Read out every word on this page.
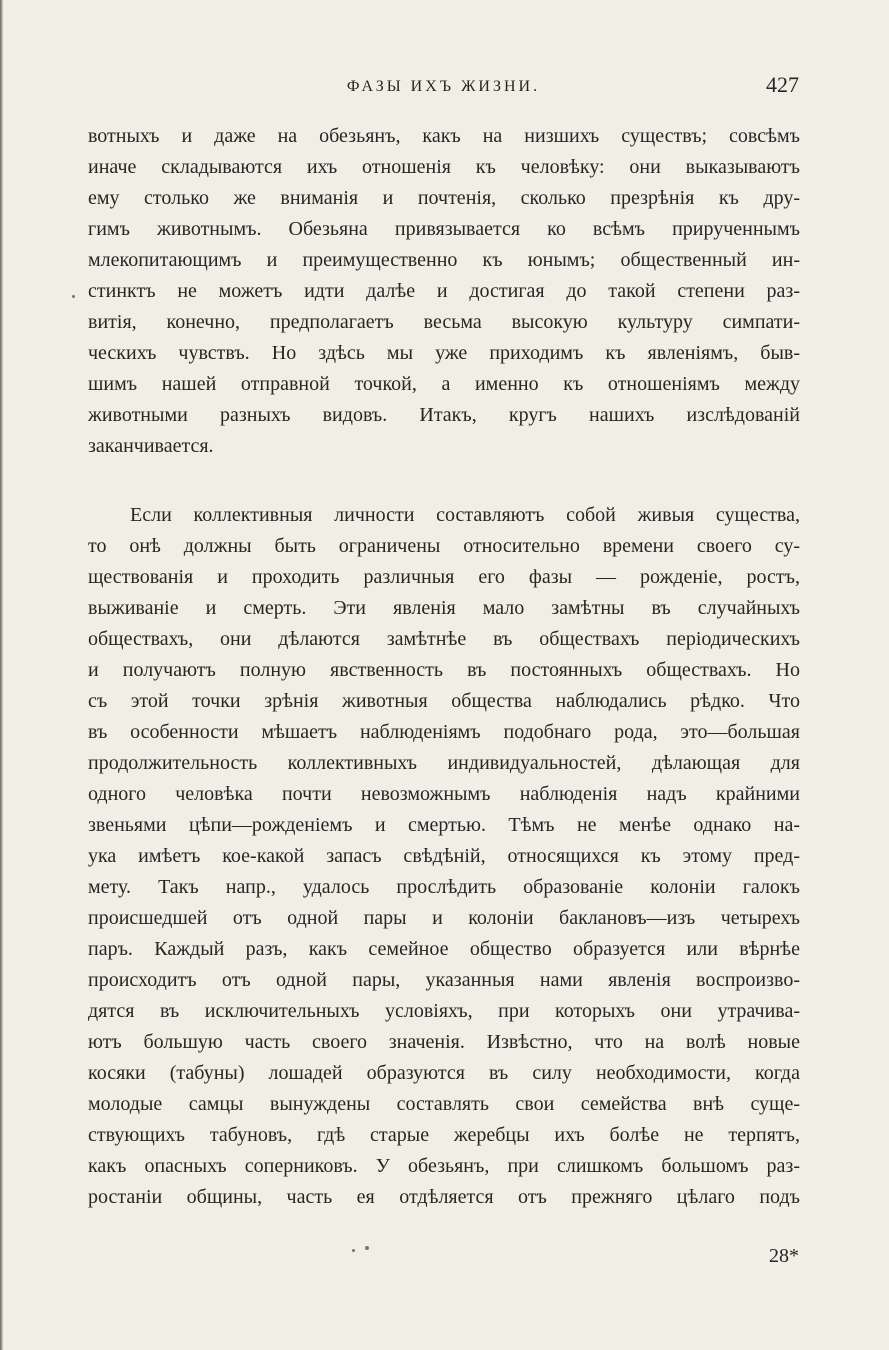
ФАЗЫ ИХЪ ЖИЗНИ.	427
вотныхъ и даже на обезьянъ, какъ на низшихъ существъ; совсѣмъ
иначе складываются ихъ отношенія къ человѣку: они выказываютъ
ему столько же вниманія и почтенія, сколько презрѣнія къ дру-
гимъ животнымъ. Обезьяна привязывается ко всѣмъ прирученнымъ
млекопитающимъ и преимущественно къ юнымъ; общественный ин-
стинктъ не можетъ идти далѣе и достигая до такой степени раз-
витія, конечно, предполагаетъ весьма высокую культуру симпати-
ческихъ чувствъ. Но здѣсь мы уже приходимъ къ явленіямъ, быв-
шимъ нашей отправной точкой, а именно къ отношеніямъ между
животными разныхъ видовъ. Итакъ, кругъ нашихъ изслѣдованій
заканчивается.
Если коллективныя личности составляютъ собой живыя существа,
то онѣ должны быть ограничены относительно времени своего су-
ществованія и проходить различныя его фазы — рожденіе, ростъ,
выживаніе и смерть. Эти явленія мало замѣтны въ случайныхъ
обществахъ, они дѣлаются замѣтнѣе въ обществахъ періодическихъ
и получаютъ полную явственность въ постоянныхъ обществахъ. Но
съ этой точки зрѣнія животныя общества наблюдались рѣдко. Что
въ особенности мѣшаетъ наблюденіямъ подобнаго рода, это—большая
продолжительность коллективныхъ индивидуальностей, дѣлающая для
одного человѣка почти невозможнымъ наблюденія надъ крайними
звеньями цѣпи—рожденіемъ и смертью. Тѣмъ не менѣе однако на-
ука имѣетъ кое-какой запасъ свѣдѣній, относящихся къ этому пред-
мету. Такъ напр., удалось прослѣдить образованіе колоніи галокъ
происшедшей отъ одной пары и колоніи баклановъ—изъ четырехъ
паръ. Каждый разъ, какъ семейное общество образуется или вѣрнѣе
происходитъ отъ одной пары, указанныя нами явленія воспроизво-
дятся въ исключительныхъ условіяхъ, при которыхъ они утрачива-
ютъ большую часть своего значенія. Извѣстно, что на волѣ новые
косяки (табуны) лошадей образуются въ силу необходимости, когда
молодые самцы вынуждены составлять свои семейства внѣ суще-
ствующихъ табуновъ, гдѣ старые жеребцы ихъ болѣе не терпятъ,
какъ опасныхъ соперниковъ. У обезьянъ, при слишкомъ большомъ раз-
ростаніи общины, часть ея отдѣляется отъ прежняго цѣлаго подъ
28*
